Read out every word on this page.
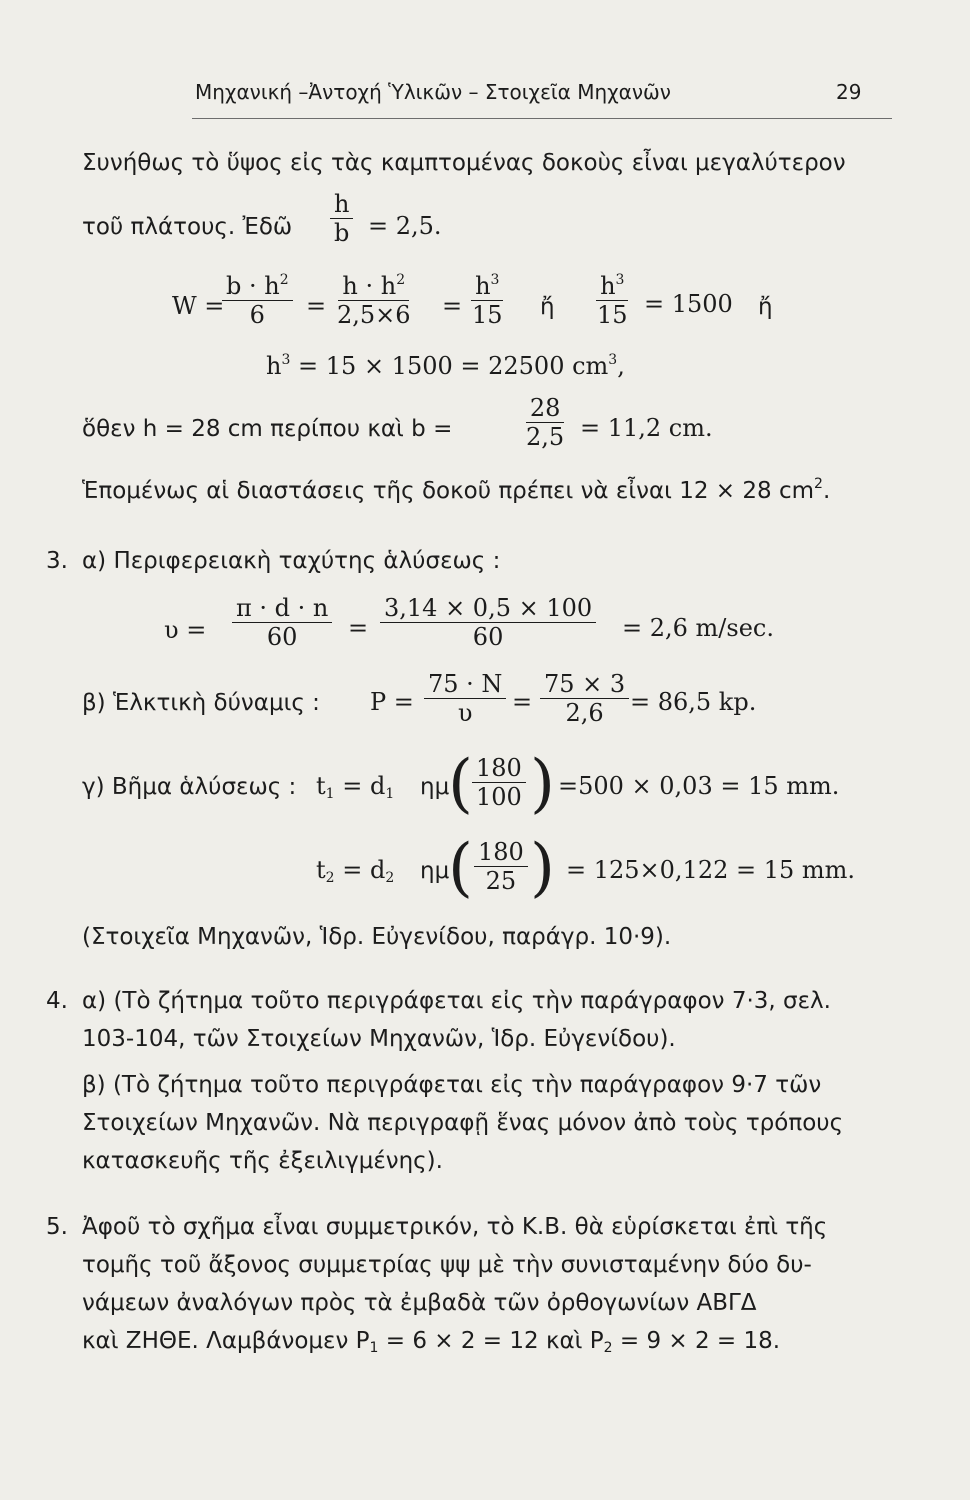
Μηχανική –Ἀντοχή Ὑλικῶν – Στοιχεῖα Μηχανῶν	29
Συνήθως τὸ ὕψος εἰς τὰς καμπτομένας δοκοὺς εἶναι μεγαλύτερον
τοῦ πλάτους. Ἐδῶ $\frac{h}{b} = 2,5$.
W =
$\frac{b \cdot h^2}{6} = \frac{h \cdot h^2}{2,5\times 6} = \frac{h^3}{15}$ ἤ $\frac{h^3}{15} = 1500$ ἤ
$h^3 = 15 \times 1500 = 22500$ $cm^3$,
ὅθεν h = 28 cm περίπου καὶ b =	$\frac{28}{2,5} = 11,2$ cm.
Ἑπομένως αἱ διαστάσεις τῆς δοκοῦ πρέπει νὰ εἶναι 12 × 28 $cm^2$.
3. α) Περιφερειακὴ ταχύτης ἁλύσεως :
$\upsilon = \frac{\pi \cdot d \cdot n}{60} = \frac{3,14 \times 0,5 \times 100}{60} = 2,6$ m/sec.
β) Ἑλκτικὴ δύναμις : $P = \frac{75 \cdot N}{\upsilon} = \frac{75 \times 3}{2,6} = 86,5$ kp.
γ) Βῆμα ἁλύσεως : $t_1 = d_1$ ημ
( $\frac{180}{100}$ ) =500 × 0,03 = 15 mm.
$t_2 = d_2$ ημ
( $\frac{180}{25}$ ) = 125×0,122 = 15 mm.
(Στοιχεῖα Μηχανῶν, Ἱδρ. Εὐγενίδου, παράγρ. 10·9).
4. α) (Τὸ ζήτημα τοῦτο περιγράφεται εἰς τὴν παράγραφον 7·3, σελ.
103-104, τῶν Στοιχείων Μηχανῶν, Ἱδρ. Εὐγενίδου).
β) (Τὸ ζήτημα τοῦτο περιγράφεται εἰς τὴν παράγραφον 9·7 τῶν
Στοιχείων Μηχανῶν. Νὰ περιγραφῇ ἕνας μόνον ἀπὸ τοὺς τρόπους
κατασκευῆς τῆς ἐξειλιγμένης).
5. Ἀφοῦ τὸ σχῆμα εἶναι συμμετρικόν, τὸ Κ.Β. θὰ εὑρίσκεται ἐπὶ τῆς
τομῆς τοῦ ἄξονος συμμετρίας ψψ μὲ τὴν συνισταμένην δύο δυ-
νάμεων ἀναλόγων πρὸς τὰ ἐμβαδὰ τῶν ὀρθογωνίων ΑΒΓΔ
καὶ ΖΗΘΕ. Λαμβάνομεν $P_1 = 6 \times 2 = 12$ καὶ $P_2 = 9 \times 2 = 18$.
